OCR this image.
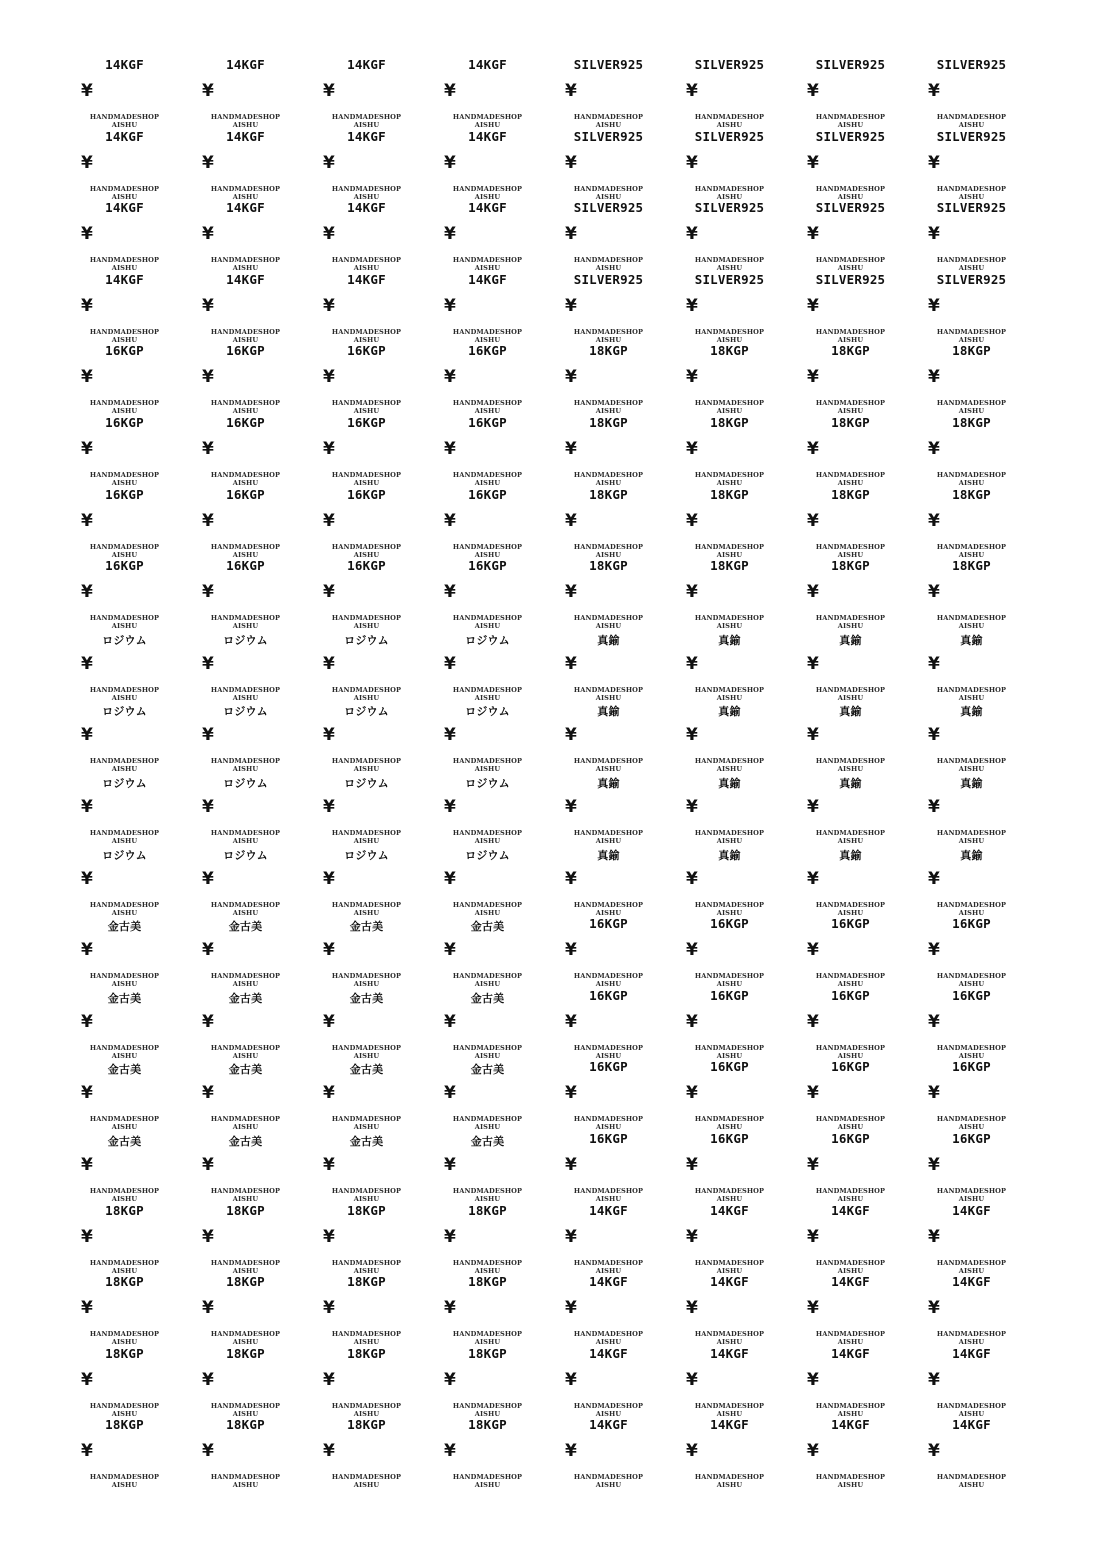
14KGF
¥
HANDMADESHOP
AISHU
14KGF
¥
HANDMADESHOP
AISHU
14KGF
¥
HANDMADESHOP
AISHU
14KGF
¥
HANDMADESHOP
AISHU
SILVER925
¥
HANDMADESHOP
AISHU
SILVER925
¥
HANDMADESHOP
AISHU
SILVER925
¥
HANDMADESHOP
AISHU
SILVER925
¥
HANDMADESHOP
AISHU
14KGF
¥
HANDMADESHOP
AISHU
14KGF
¥
HANDMADESHOP
AISHU
14KGF
¥
HANDMADESHOP
AISHU
14KGF
¥
HANDMADESHOP
AISHU
SILVER925
¥
HANDMADESHOP
AISHU
SILVER925
¥
HANDMADESHOP
AISHU
SILVER925
¥
HANDMADESHOP
AISHU
SILVER925
¥
HANDMADESHOP
AISHU
14KGF
¥
HANDMADESHOP
AISHU
14KGF
¥
HANDMADESHOP
AISHU
14KGF
¥
HANDMADESHOP
AISHU
14KGF
¥
HANDMADESHOP
AISHU
SILVER925
¥
HANDMADESHOP
AISHU
SILVER925
¥
HANDMADESHOP
AISHU
SILVER925
¥
HANDMADESHOP
AISHU
SILVER925
¥
HANDMADESHOP
AISHU
14KGF
¥
HANDMADESHOP
AISHU
14KGF
¥
HANDMADESHOP
AISHU
14KGF
¥
HANDMADESHOP
AISHU
14KGF
¥
HANDMADESHOP
AISHU
SILVER925
¥
HANDMADESHOP
AISHU
SILVER925
¥
HANDMADESHOP
AISHU
SILVER925
¥
HANDMADESHOP
AISHU
SILVER925
¥
HANDMADESHOP
AISHU
16KGP
¥
HANDMADESHOP
AISHU
16KGP
¥
HANDMADESHOP
AISHU
16KGP
¥
HANDMADESHOP
AISHU
16KGP
¥
HANDMADESHOP
AISHU
18KGP
¥
HANDMADESHOP
AISHU
18KGP
¥
HANDMADESHOP
AISHU
18KGP
¥
HANDMADESHOP
AISHU
18KGP
¥
HANDMADESHOP
AISHU
16KGP
¥
HANDMADESHOP
AISHU
16KGP
¥
HANDMADESHOP
AISHU
16KGP
¥
HANDMADESHOP
AISHU
16KGP
¥
HANDMADESHOP
AISHU
18KGP
¥
HANDMADESHOP
AISHU
18KGP
¥
HANDMADESHOP
AISHU
18KGP
¥
HANDMADESHOP
AISHU
18KGP
¥
HANDMADESHOP
AISHU
16KGP
¥
HANDMADESHOP
AISHU
16KGP
¥
HANDMADESHOP
AISHU
16KGP
¥
HANDMADESHOP
AISHU
16KGP
¥
HANDMADESHOP
AISHU
18KGP
¥
HANDMADESHOP
AISHU
18KGP
¥
HANDMADESHOP
AISHU
18KGP
¥
HANDMADESHOP
AISHU
18KGP
¥
HANDMADESHOP
AISHU
16KGP
¥
HANDMADESHOP
AISHU
16KGP
¥
HANDMADESHOP
AISHU
16KGP
¥
HANDMADESHOP
AISHU
16KGP
¥
HANDMADESHOP
AISHU
18KGP
¥
HANDMADESHOP
AISHU
18KGP
¥
HANDMADESHOP
AISHU
18KGP
¥
HANDMADESHOP
AISHU
18KGP
¥
HANDMADESHOP
AISHU
ロジウム
¥
HANDMADESHOP
AISHU
ロジウム
¥
HANDMADESHOP
AISHU
ロジウム
¥
HANDMADESHOP
AISHU
ロジウム
¥
HANDMADESHOP
AISHU
真鍮
¥
HANDMADESHOP
AISHU
真鍮
¥
HANDMADESHOP
AISHU
真鍮
¥
HANDMADESHOP
AISHU
真鍮
¥
HANDMADESHOP
AISHU
ロジウム
¥
HANDMADESHOP
AISHU
ロジウム
¥
HANDMADESHOP
AISHU
ロジウム
¥
HANDMADESHOP
AISHU
ロジウム
¥
HANDMADESHOP
AISHU
真鍮
¥
HANDMADESHOP
AISHU
真鍮
¥
HANDMADESHOP
AISHU
真鍮
¥
HANDMADESHOP
AISHU
真鍮
¥
HANDMADESHOP
AISHU
ロジウム
¥
HANDMADESHOP
AISHU
ロジウム
¥
HANDMADESHOP
AISHU
ロジウム
¥
HANDMADESHOP
AISHU
ロジウム
¥
HANDMADESHOP
AISHU
真鍮
¥
HANDMADESHOP
AISHU
真鍮
¥
HANDMADESHOP
AISHU
真鍮
¥
HANDMADESHOP
AISHU
真鍮
¥
HANDMADESHOP
AISHU
ロジウム
¥
HANDMADESHOP
AISHU
ロジウム
¥
HANDMADESHOP
AISHU
ロジウム
¥
HANDMADESHOP
AISHU
ロジウム
¥
HANDMADESHOP
AISHU
真鍮
¥
HANDMADESHOP
AISHU
真鍮
¥
HANDMADESHOP
AISHU
真鍮
¥
HANDMADESHOP
AISHU
真鍮
¥
HANDMADESHOP
AISHU
金古美
¥
HANDMADESHOP
AISHU
金古美
¥
HANDMADESHOP
AISHU
金古美
¥
HANDMADESHOP
AISHU
金古美
¥
HANDMADESHOP
AISHU
16KGP
¥
HANDMADESHOP
AISHU
16KGP
¥
HANDMADESHOP
AISHU
16KGP
¥
HANDMADESHOP
AISHU
16KGP
¥
HANDMADESHOP
AISHU
金古美
¥
HANDMADESHOP
AISHU
金古美
¥
HANDMADESHOP
AISHU
金古美
¥
HANDMADESHOP
AISHU
金古美
¥
HANDMADESHOP
AISHU
16KGP
¥
HANDMADESHOP
AISHU
16KGP
¥
HANDMADESHOP
AISHU
16KGP
¥
HANDMADESHOP
AISHU
16KGP
¥
HANDMADESHOP
AISHU
金古美
¥
HANDMADESHOP
AISHU
金古美
¥
HANDMADESHOP
AISHU
金古美
¥
HANDMADESHOP
AISHU
金古美
¥
HANDMADESHOP
AISHU
16KGP
¥
HANDMADESHOP
AISHU
16KGP
¥
HANDMADESHOP
AISHU
16KGP
¥
HANDMADESHOP
AISHU
16KGP
¥
HANDMADESHOP
AISHU
金古美
¥
HANDMADESHOP
AISHU
金古美
¥
HANDMADESHOP
AISHU
金古美
¥
HANDMADESHOP
AISHU
金古美
¥
HANDMADESHOP
AISHU
16KGP
¥
HANDMADESHOP
AISHU
16KGP
¥
HANDMADESHOP
AISHU
16KGP
¥
HANDMADESHOP
AISHU
16KGP
¥
HANDMADESHOP
AISHU
18KGP
¥
HANDMADESHOP
AISHU
18KGP
¥
HANDMADESHOP
AISHU
18KGP
¥
HANDMADESHOP
AISHU
18KGP
¥
HANDMADESHOP
AISHU
14KGF
¥
HANDMADESHOP
AISHU
14KGF
¥
HANDMADESHOP
AISHU
14KGF
¥
HANDMADESHOP
AISHU
14KGF
¥
HANDMADESHOP
AISHU
18KGP
¥
HANDMADESHOP
AISHU
18KGP
¥
HANDMADESHOP
AISHU
18KGP
¥
HANDMADESHOP
AISHU
18KGP
¥
HANDMADESHOP
AISHU
14KGF
¥
HANDMADESHOP
AISHU
14KGF
¥
HANDMADESHOP
AISHU
14KGF
¥
HANDMADESHOP
AISHU
14KGF
¥
HANDMADESHOP
AISHU
18KGP
¥
HANDMADESHOP
AISHU
18KGP
¥
HANDMADESHOP
AISHU
18KGP
¥
HANDMADESHOP
AISHU
18KGP
¥
HANDMADESHOP
AISHU
14KGF
¥
HANDMADESHOP
AISHU
14KGF
¥
HANDMADESHOP
AISHU
14KGF
¥
HANDMADESHOP
AISHU
14KGF
¥
HANDMADESHOP
AISHU
18KGP
¥
HANDMADESHOP
AISHU
18KGP
¥
HANDMADESHOP
AISHU
18KGP
¥
HANDMADESHOP
AISHU
18KGP
¥
HANDMADESHOP
AISHU
14KGF
¥
HANDMADESHOP
AISHU
14KGF
¥
HANDMADESHOP
AISHU
14KGF
¥
HANDMADESHOP
AISHU
14KGF
¥
HANDMADESHOP
AISHU
